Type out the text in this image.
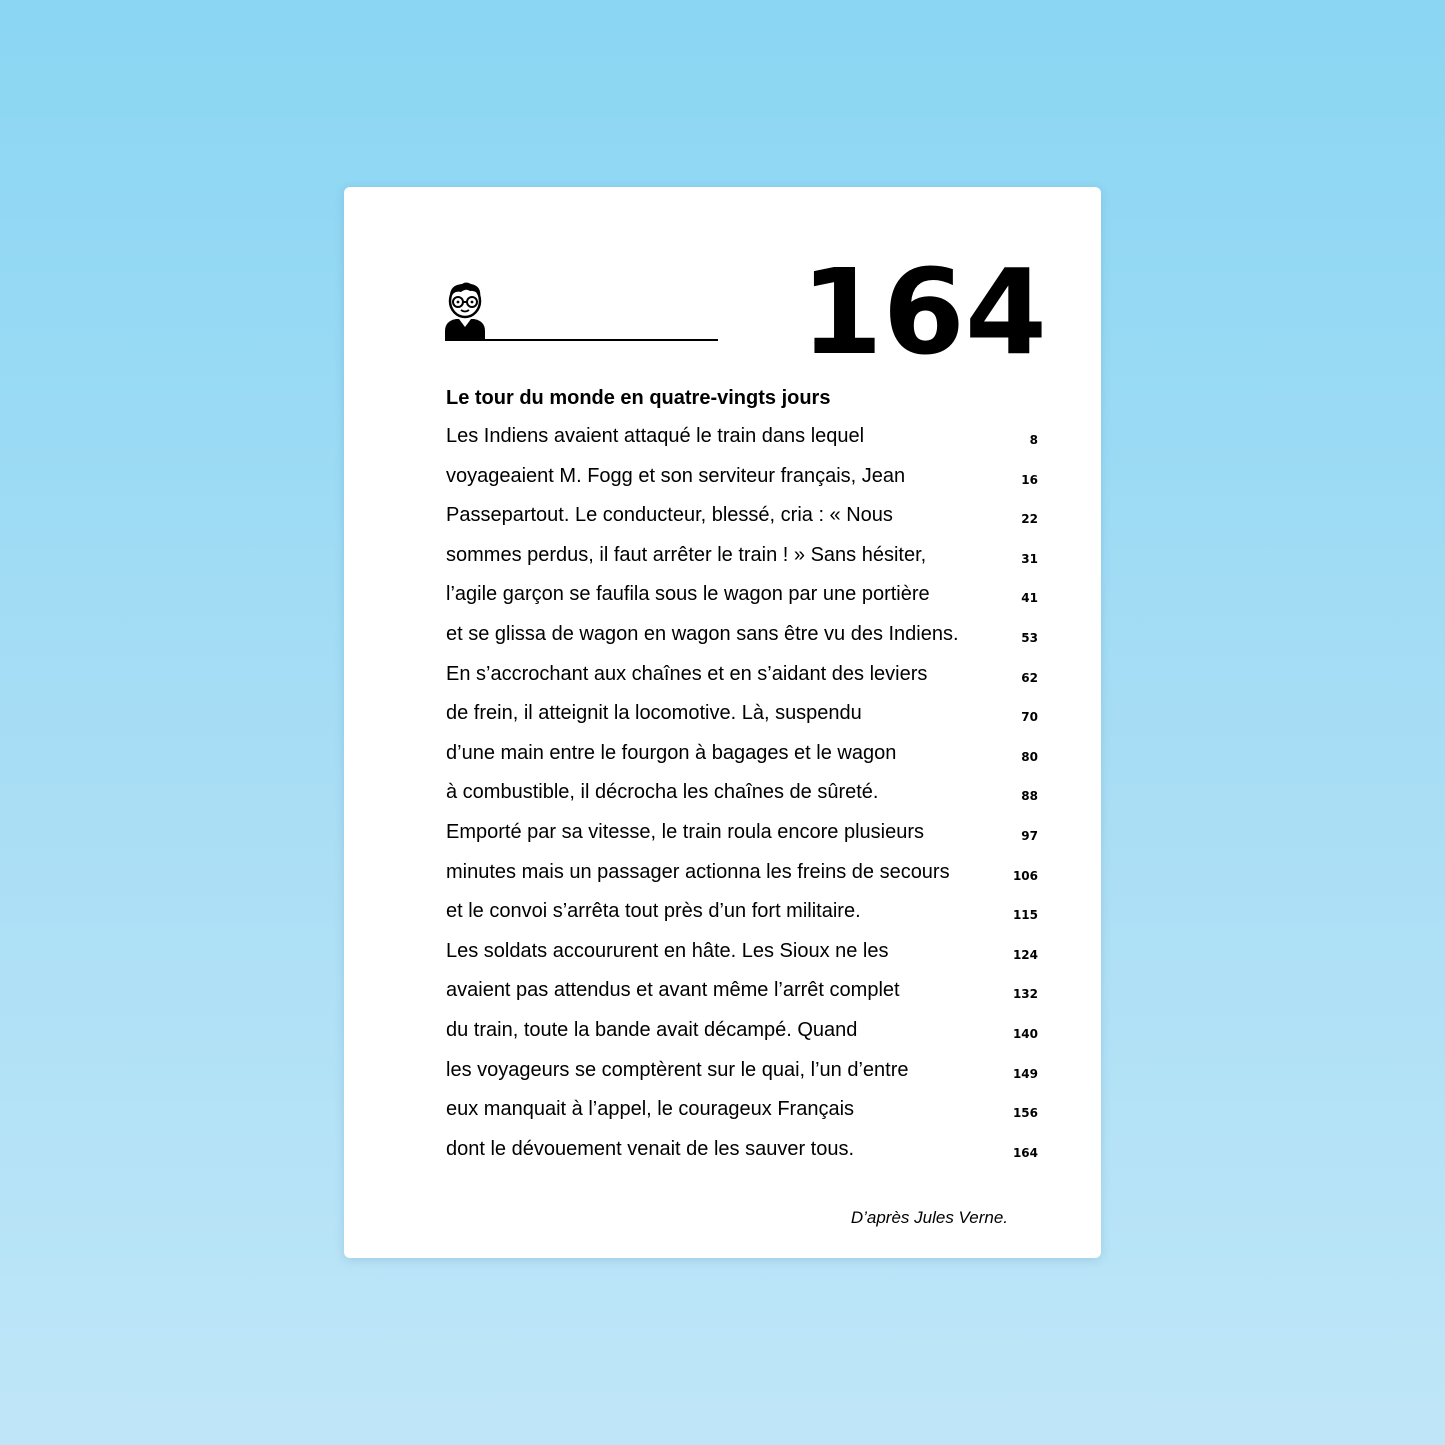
164
Le tour du monde en quatre-vingts jours
Les Indiens avaient attaqué le train dans lequel	8
voyageaient M. Fogg et son serviteur français, Jean	16
Passepartout. Le conducteur, blessé, cria : « Nous	22
sommes perdus, il faut arrêter le train ! » Sans hésiter,	31
l’agile garçon se faufila sous le wagon par une portière	41
et se glissa de wagon en wagon sans être vu des Indiens.	53
En s’accrochant aux chaînes et en s’aidant des leviers	62
de frein, il atteignit la locomotive. Là, suspendu	70
d’une main entre le fourgon à bagages et le wagon	80
à combustible, il décrocha les chaînes de sûreté.	88
Emporté par sa vitesse, le train roula encore plusieurs	97
minutes mais un passager actionna les freins de secours	106
et le convoi s’arrêta tout près d’un fort militaire.	115
Les soldats accoururent en hâte. Les Sioux ne les	124
avaient pas attendus et avant même l’arrêt complet	132
du train, toute la bande avait décampé. Quand	140
les voyageurs se comptèrent sur le quai, l’un d’entre	149
eux manquait à l’appel, le courageux Français	156
dont le dévouement venait de les sauver tous.	164
D’après Jules Verne.
